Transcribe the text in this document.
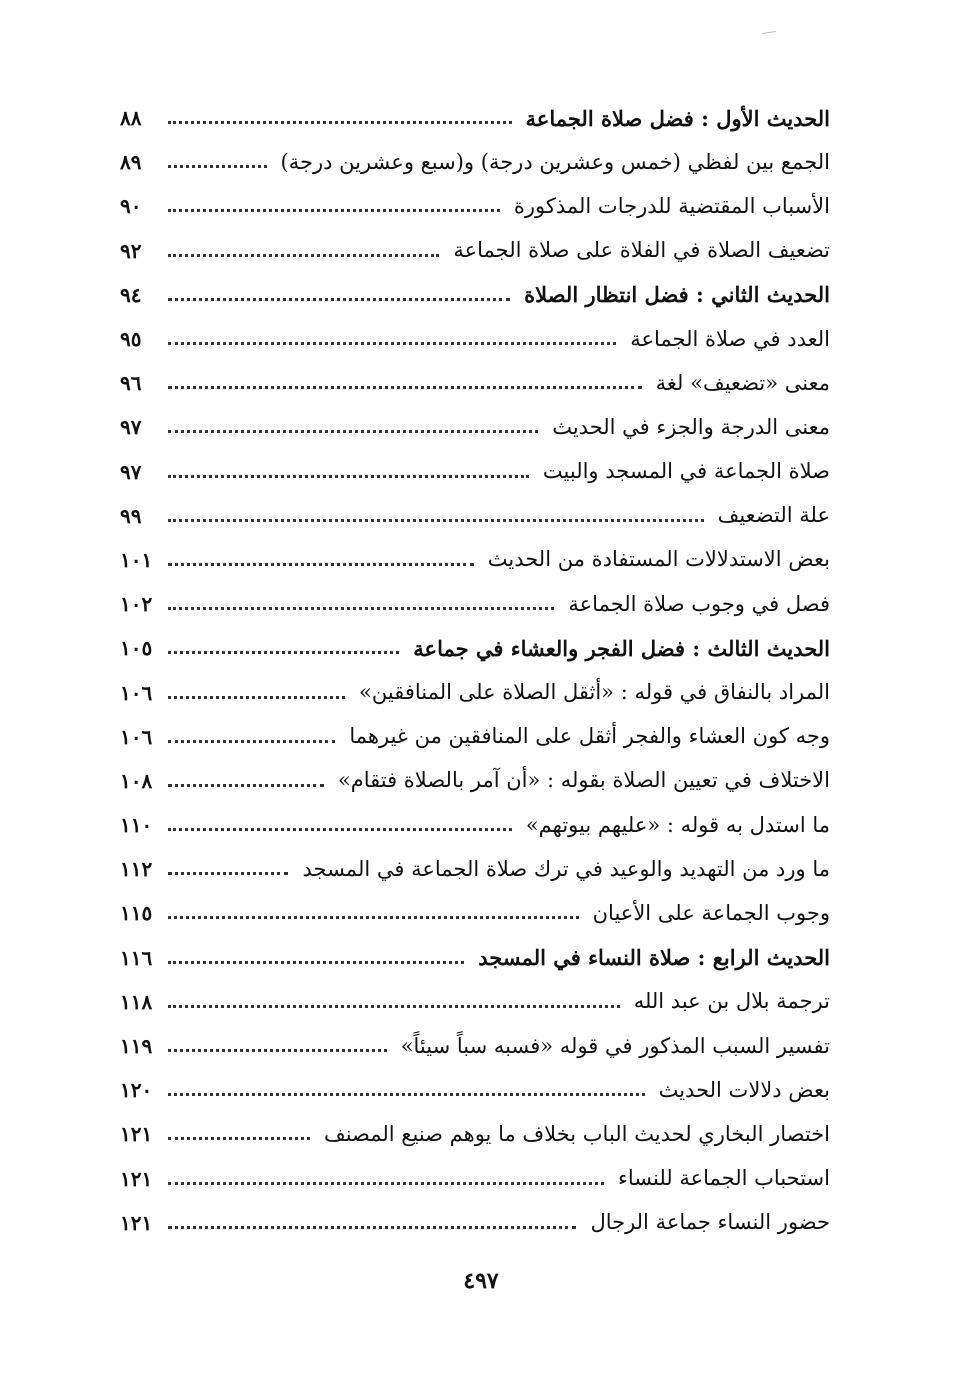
الحديث الأول : فضل صلاة الجماعة
٨٨
الجمع بين لفظي (خمس وعشرين درجة) و(سبع وعشرين درجة)
٨٩
الأسباب المقتضية للدرجات المذكورة
٩٠
تضعيف الصلاة في الفلاة على صلاة الجماعة
٩٢
الحديث الثاني : فضل انتظار الصلاة
٩٤
العدد في صلاة الجماعة
٩٥
معنى «تضعيف» لغة
٩٦
معنى الدرجة والجزء في الحديث
٩٧
صلاة الجماعة في المسجد والبيت
٩٧
علة التضعيف
٩٩
بعض الاستدلالات المستفادة من الحديث
١٠١
فصل في وجوب صلاة الجماعة
١٠٢
الحديث الثالث : فضل الفجر والعشاء في جماعة
١٠٥
المراد بالنفاق في قوله : «أثقل الصلاة على المنافقين»
١٠٦
وجه كون العشاء والفجر أثقل على المنافقين من غيرهما
١٠٦
الاختلاف في تعيين الصلاة بقوله : «أن آمر بالصلاة فتقام»
١٠٨
ما استدل به قوله : «عليهم بيوتهم»
١١٠
ما ورد من التهديد والوعيد في ترك صلاة الجماعة في المسجد
١١٢
وجوب الجماعة على الأعيان
١١٥
الحديث الرابع : صلاة النساء في المسجد
١١٦
ترجمة بلال بن عبد الله
١١٨
تفسير السبب المذكور في قوله «فسبه سباً سيئاً»
١١٩
بعض دلالات الحديث
١٢٠
اختصار البخاري لحديث الباب بخلاف ما يوهم صنيع المصنف
١٢١
استحباب الجماعة للنساء
١٢١
حضور النساء جماعة الرجال
١٢١
٤٩٧
